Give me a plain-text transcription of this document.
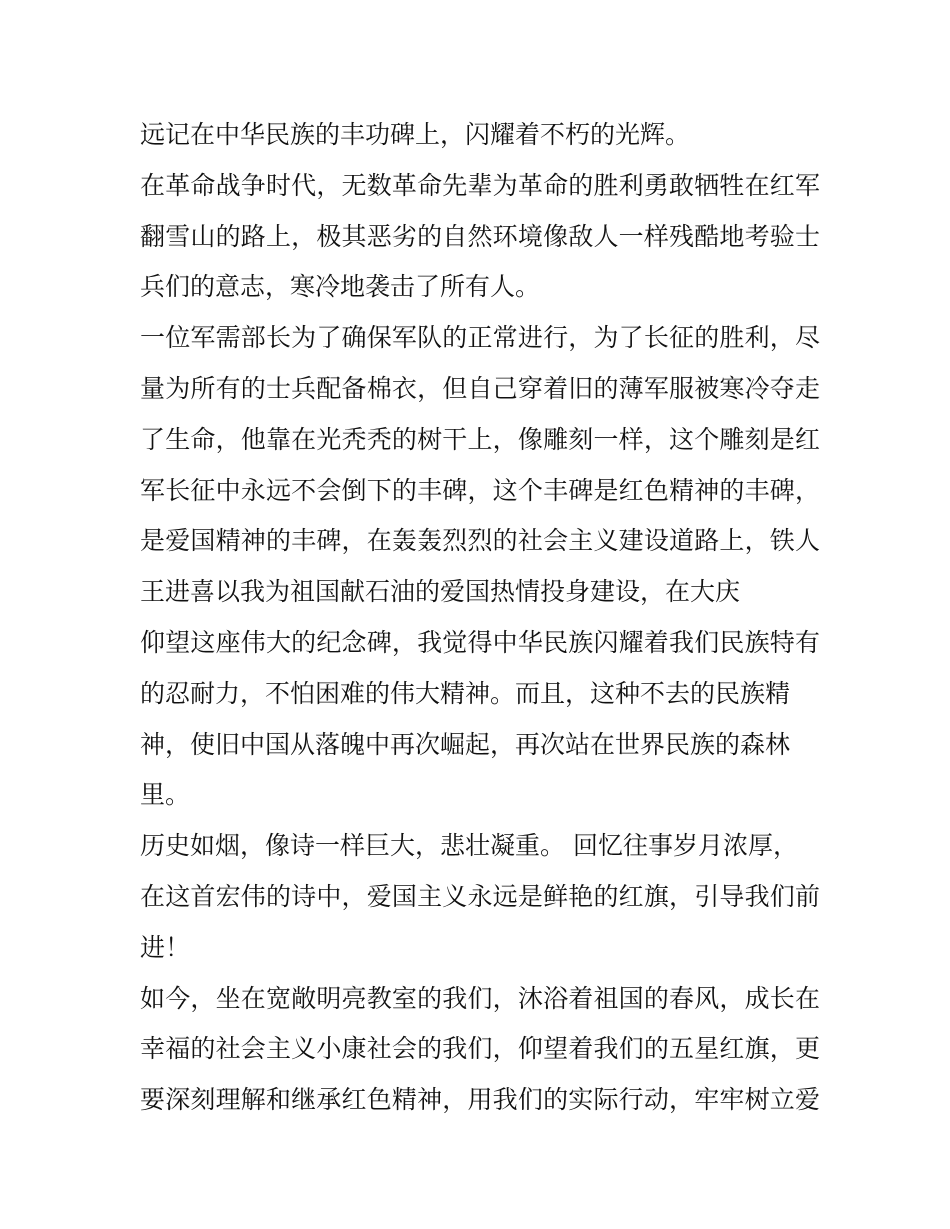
远记在中华民族的丰功碑上，闪耀着不朽的光辉。
在革命战争时代，无数革命先辈为革命的胜利勇敢牺牲在红军
翻雪山的路上，极其恶劣的自然环境像敌人一样残酷地考验士
兵们的意志，寒冷地袭击了所有人。
一位军需部长为了确保军队的正常进行，为了长征的胜利，尽
量为所有的士兵配备棉衣，但自己穿着旧的薄军服被寒冷夺走
了生命，他靠在光秃秃的树干上，像雕刻一样，这个雕刻是红
军长征中永远不会倒下的丰碑，这个丰碑是红色精神的丰碑，
是爱国精神的丰碑，在轰轰烈烈的社会主义建设道路上，铁人
王进喜以我为祖国献石油的爱国热情投身建设，在大庆
仰望这座伟大的纪念碑，我觉得中华民族闪耀着我们民族特有
的忍耐力，不怕困难的伟大精神。而且，这种不去的民族精
神，使旧中国从落魄中再次崛起，再次站在世界民族的森林
里。
历史如烟，像诗一样巨大，悲壮凝重。 回忆往事岁月浓厚，
在这首宏伟的诗中，爱国主义永远是鲜艳的红旗，引导我们前
进！
如今，坐在宽敞明亮教室的我们，沐浴着祖国的春风，成长在
幸福的社会主义小康社会的我们，仰望着我们的五星红旗，更
要深刻理解和继承红色精神，用我们的实际行动，牢牢树立爱
